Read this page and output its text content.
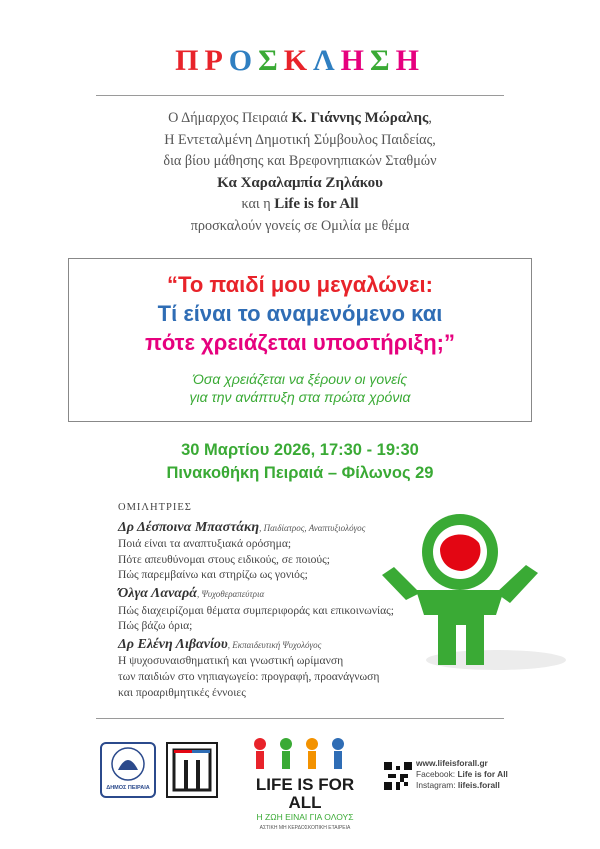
ΠΡΟΣΚΛΗΣΗ
Ο Δήμαρχος Πειραιά Κ. Γιάννης Μώραλης,
Η Εντεταλμένη Δημοτική Σύμβουλος Παιδείας,
δια βίου μάθησης και Βρεφονηπιακών Σταθμών
Κα Χαραλαμπία Ζηλάκου
και η Life is for All
προσκαλούν γονείς σε Ομιλία με θέμα
“Το παιδί μου μεγαλώνει:
Τί είναι το αναμενόμενο και
πότε χρειάζεται υποστήριξη;”
Όσα χρειάζεται να ξέρουν οι γονείς
για την ανάπτυξη στα πρώτα χρόνια
30 Μαρτίου 2026, 17:30 - 19:30
Πινακοθήκη Πειραιά – Φίλωνος 29
ΟΜΙΛΗΤΡΙΕΣ
Δρ Δέσποινα Μπαστάκη, Παιδίατρος, Αναπτυξιολόγος
Ποιά είναι τα αναπτυξιακά ορόσημα;
Πότε απευθύνομαι στους ειδικούς, σε ποιούς;
Πώς παρεμβαίνω και στηρίζω ως γονιός;
Όλγα Λαναρά, Ψυχοθεραπεύτρια
Πώς διαχειρίζομαι θέματα συμπεριφοράς και επικοινωνίας;
Πώς βάζω όρια;
Δρ Ελένη Λιβανίου, Εκπαιδευτική Ψυχολόγος
Η ψυχοσυναισθηματική και γνωστική ωρίμανση
των παιδιών στο νηπιαγωγείο: προγραφή, προανάγνωση
και προαριθμητικές έννοιες
ΔΗΜΟΣ ΠΕΙΡΑΙΑ	LIFE IS FOR ALL
Η ΖΩΗ ΕΙΝΑΙ ΓΙΑ ΟΛΟΥΣ
ΑΣΤΙΚΗ ΜΗ ΚΕΡΔΟΣΚΟΠΙΚΗ ΕΤΑΙΡΕΙΑ
www.lifeisforall.gr
Facebook: Life is for All
Instagram: lifeis.forall
